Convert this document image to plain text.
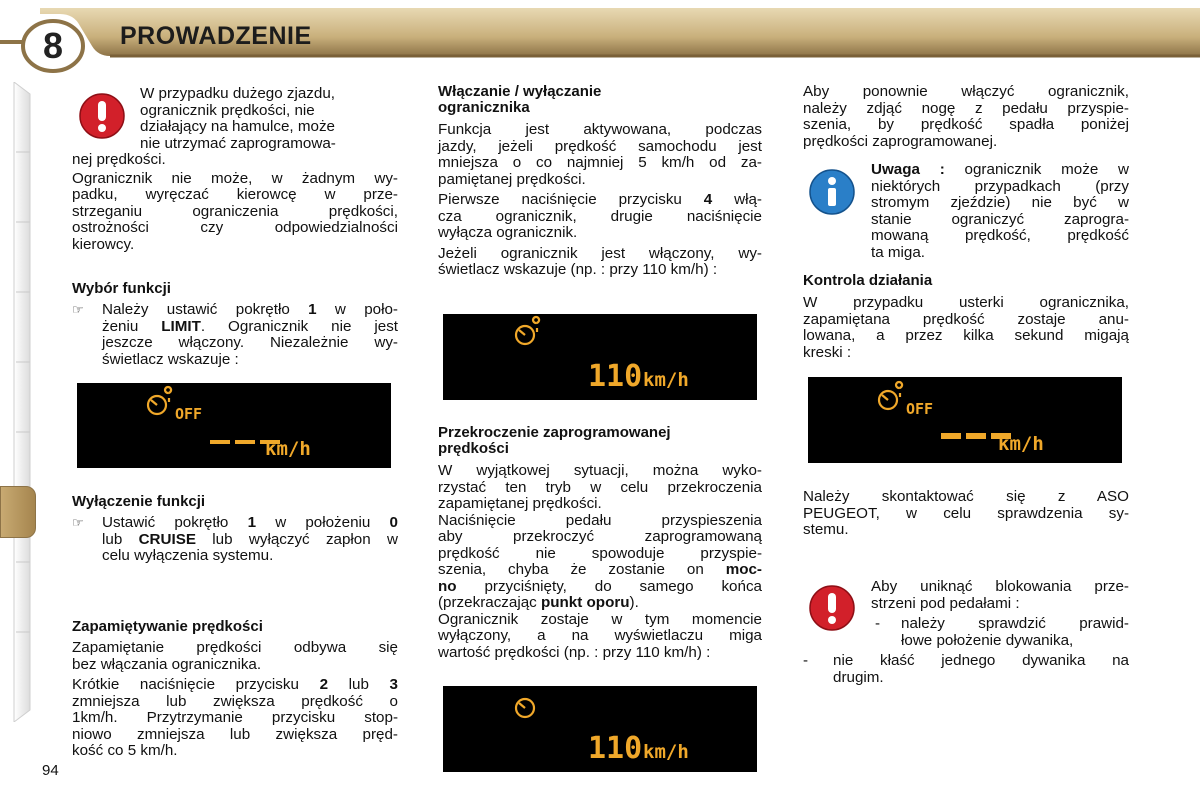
8	PROWADZENIE

W przypadku dużego zjazdu,

ogranicznik prędkości, nie

działający na hamulce, może

nie utrzymać zaprogramowa-

nej prędkości.

Ogranicznik nie może, w żadnym wy-
padku, wyręczać kierowcę w prze-
strzeganiu ograniczenia prędkości,
ostrożności czy odpowiedzialności
kierowcy.
Wybór funkcji
☞	Należy ustawić pokrętło 1 w poło-
żeniu LIMIT. Ogranicznik nie jest
jeszcze włączony. Niezależnie wy-
świetlacz wskazuje :
OFF
km/h
Wyłączenie funkcji
☞	Ustawić pokrętło 1 w położeniu 0
lub CRUISE lub wyłączyć zapłon w
celu wyłączenia systemu.
Zapamiętywanie prędkości
Zapamiętanie prędkości odbywa się
bez włączania ogranicznika.
Krótkie naciśnięcie przycisku 2 lub 3
zmniejsza lub zwiększa prędkość o
1km/h. Przytrzymanie przycisku stop-
niowo zmniejsza lub zwiększa pręd-
kość co 5 km/h.
Włączanie / wyłączanie
ogranicznika
Funkcja jest aktywowana, podczas
jazdy, jeżeli prędkość samochodu jest
mniejsza o co najmniej 5 km/h od za-
pamiętanej prędkości.
Pierwsze naciśnięcie przycisku 4 włą-
cza ogranicznik, drugie naciśnięcie
wyłącza ogranicznik.
Jeżeli ogranicznik jest włączony, wy-
świetlacz wskazuje (np. : przy 110 km/h) :
110 km/h
Przekroczenie zaprogramowanej
prędkości
W wyjątkowej sytuacji, można wyko-
rzystać ten tryb w celu przekroczenia
zapamiętanej prędkości.
Naciśnięcie pedału przyspieszenia
aby przekroczyć zaprogramowaną
prędkość nie spowoduje przyspie-
szenia, chyba że zostanie on moc-
no przyciśnięty, do samego końca
(przekraczając punkt oporu).
Ogranicznik zostaje w tym momencie
wyłączony, a na wyświetlaczu miga
wartość prędkości (np. : przy 110 km/h) :
110 km/h
Aby ponownie włączyć ogranicznik,
należy zdjąć nogę z pedału przyspie-
szenia, by prędkość spadła poniżej
prędkości zaprogramowanej.
Uwaga : ogranicznik może w
niektórych przypadkach (przy
stromym zjeździe) nie być w
stanie ograniczyć zaprogra-
mowaną prędkość, prędkość
ta miga.
Kontrola działania
W przypadku usterki ogranicznika,
zapamiętana prędkość zostaje anu-
lowana, a przez kilka sekund migają
kreski :
OFF
km/h
Należy skontaktować się z ASO
PEUGEOT, w celu sprawdzenia sy-
stemu.
Aby uniknąć blokowania prze-
strzeni pod pedałami :
-	należy sprawdzić prawid-
łowe położenie dywanika,
-	nie kłaść jednego dywanika na
drugim.
94
